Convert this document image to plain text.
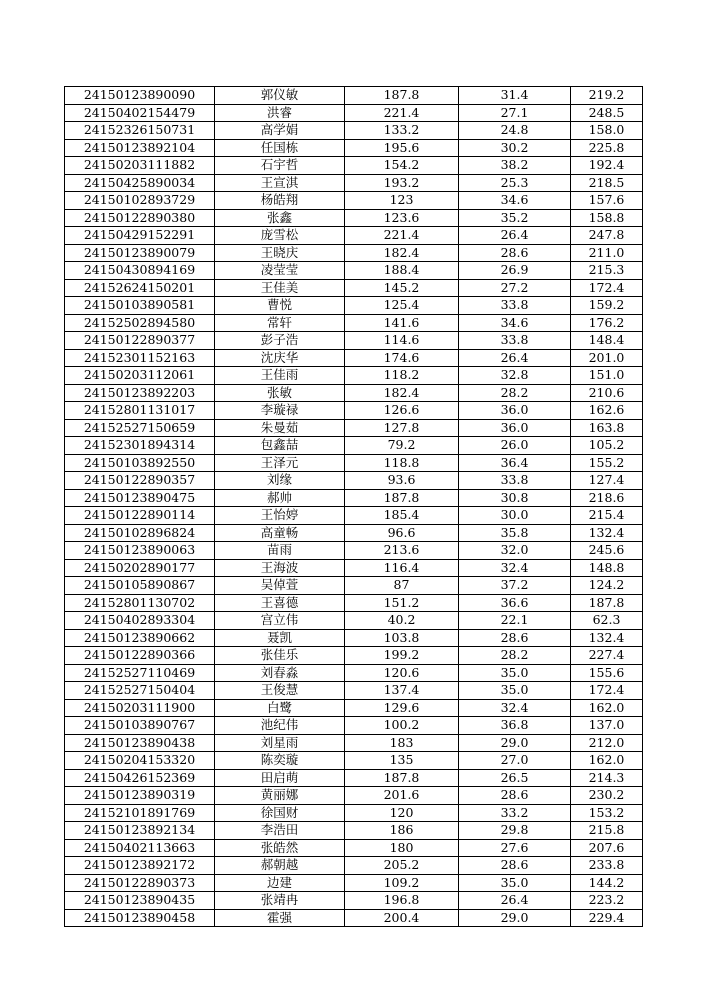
24150123890090	郭仪敏	187.8	31.4	219.2
24150402154479	洪睿	221.4	27.1	248.5
24152326150731	高学娟	133.2	24.8	158.0
24150123892104	任国栋	195.6	30.2	225.8
24150203111882	石宇哲	154.2	38.2	192.4
24150425890034	王宣淇	193.2	25.3	218.5
24150102893729	杨皓翔	123	34.6	157.6
24150122890380	张鑫	123.6	35.2	158.8
24150429152291	庞雪松	221.4	26.4	247.8
24150123890079	王晓庆	182.4	28.6	211.0
24150430894169	凌莹莹	188.4	26.9	215.3
24152624150201	王佳美	145.2	27.2	172.4
24150103890581	曹悦	125.4	33.8	159.2
24152502894580	常轩	141.6	34.6	176.2
24150122890377	彭子浩	114.6	33.8	148.4
24152301152163	沈庆华	174.6	26.4	201.0
24150203112061	王佳雨	118.2	32.8	151.0
24150123892203	张敏	182.4	28.2	210.6
24152801131017	李璇禄	126.6	36.0	162.6
24152527150659	朱曼茹	127.8	36.0	163.8
24152301894314	包鑫喆	79.2	26.0	105.2
24150103892550	王泽元	118.8	36.4	155.2
24150122890357	刘缘	93.6	33.8	127.4
24150123890475	郝帅	187.8	30.8	218.6
24150122890114	王怡婷	185.4	30.0	215.4
24150102896824	高童畅	96.6	35.8	132.4
24150123890063	苗雨	213.6	32.0	245.6
24150202890177	王海波	116.4	32.4	148.8
24150105890867	吴倬萱	87	37.2	124.2
24152801130702	王喜德	151.2	36.6	187.8
24150402893304	宫立伟	40.2	22.1	62.3
24150123890662	聂凯	103.8	28.6	132.4
24150122890366	张佳乐	199.2	28.2	227.4
24152527110469	刘春淼	120.6	35.0	155.6
24152527150404	王俊慧	137.4	35.0	172.4
24150203111900	白鹭	129.6	32.4	162.0
24150103890767	池纪伟	100.2	36.8	137.0
24150123890438	刘星雨	183	29.0	212.0
24150204153320	陈奕璇	135	27.0	162.0
24150426152369	田启萌	187.8	26.5	214.3
24150123890319	黄丽娜	201.6	28.6	230.2
24152101891769	徐国财	120	33.2	153.2
24150123892134	李浩田	186	29.8	215.8
24150402113663	张皓然	180	27.6	207.6
24150123892172	郝朝越	205.2	28.6	233.8
24150122890373	边建	109.2	35.0	144.2
24150123890435	张靖冉	196.8	26.4	223.2
24150123890458	霍强	200.4	29.0	229.4
